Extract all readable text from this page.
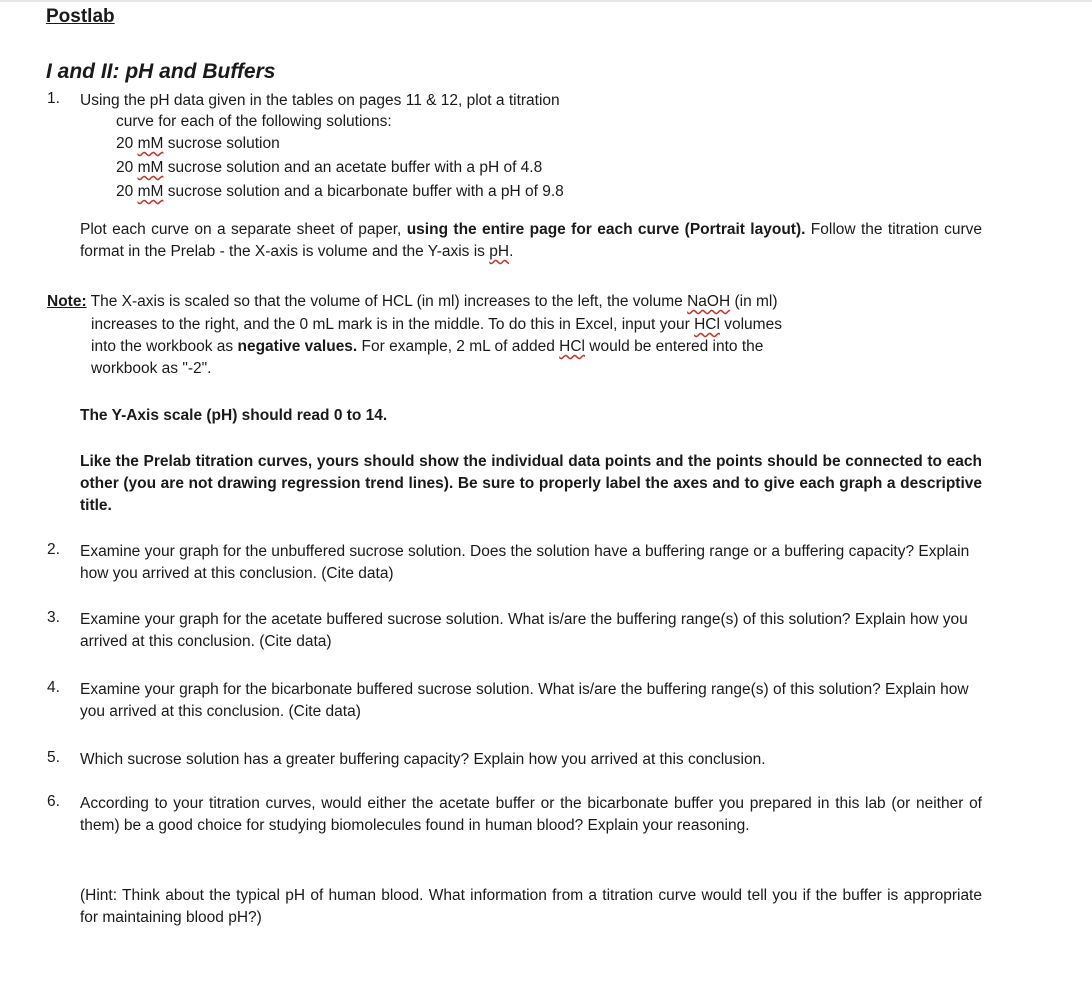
Postlab
I and II: pH and Buffers
1. Using the pH data given in the tables on pages 11 & 12, plot a titration
curve for each of the following solutions:
20 mM sucrose solution
20 mM sucrose solution and an acetate buffer with a pH of 4.8
20 mM sucrose solution and a bicarbonate buffer with a pH of 9.8
Plot each curve on a separate sheet of paper, using the entire page for each curve (Portrait layout). Follow the titration curve format in the Prelab - the X-axis is volume and the Y-axis is pH.
Note: The X-axis is scaled so that the volume of HCL (in ml) increases to the left, the volume NaOH (in ml)
increases to the right, and the 0 mL mark is in the middle. To do this in Excel, input your HCl volumes
into the workbook as negative values. For example, 2 mL of added HCl would be entered into the
workbook as "-2".
The Y-Axis scale (pH) should read 0 to 14.
Like the Prelab titration curves, yours should show the individual data points and the points should be connected to each other (you are not drawing regression trend lines). Be sure to properly label the axes and to give each graph a descriptive title.
2. Examine your graph for the unbuffered sucrose solution. Does the solution have a buffering range or a buffering capacity? Explain how you arrived at this conclusion. (Cite data)
3. Examine your graph for the acetate buffered sucrose solution. What is/are the buffering range(s) of this solution? Explain how you arrived at this conclusion. (Cite data)
4. Examine your graph for the bicarbonate buffered sucrose solution. What is/are the buffering range(s) of this solution? Explain how you arrived at this conclusion. (Cite data)
5. Which sucrose solution has a greater buffering capacity? Explain how you arrived at this conclusion.
6. According to your titration curves, would either the acetate buffer or the bicarbonate buffer you prepared in this lab (or neither of them) be a good choice for studying biomolecules found in human blood? Explain your reasoning.
(Hint: Think about the typical pH of human blood. What information from a titration curve would tell you if the buffer is appropriate for maintaining blood pH?)
